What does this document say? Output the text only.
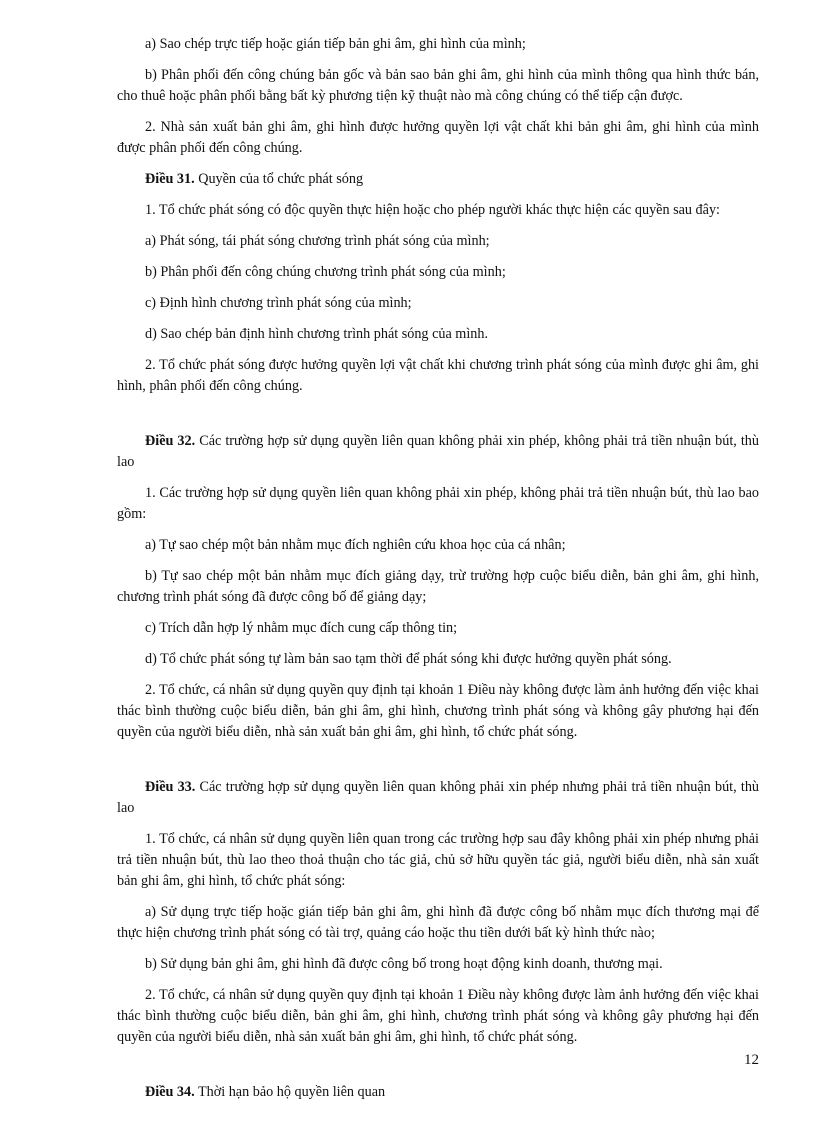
a) Sao chép trực tiếp hoặc gián tiếp bản ghi âm, ghi hình của mình;

b) Phân phối đến công chúng bản gốc và bản sao bản ghi âm, ghi hình của mình thông qua hình thức bán, cho thuê hoặc phân phối bằng bất kỳ phương tiện kỹ thuật nào mà công chúng có thể tiếp cận được.

2. Nhà sản xuất bản ghi âm, ghi hình được hưởng quyền lợi vật chất khi bản ghi âm, ghi hình của mình được phân phối đến công chúng.

Điều 31. Quyền của tổ chức phát sóng

1. Tổ chức phát sóng có độc quyền thực hiện hoặc cho phép người khác thực hiện các quyền sau đây:

a) Phát sóng, tái phát sóng chương trình phát sóng của mình;

b) Phân phối đến công chúng chương trình phát sóng của mình;

c) Định hình chương trình phát sóng của mình;

d) Sao chép bản định hình chương trình phát sóng của mình.

2. Tổ chức phát sóng được hưởng quyền lợi vật chất khi chương trình phát sóng của mình được ghi âm, ghi hình, phân phối đến công chúng.

Điều 32. Các trường hợp sử dụng quyền liên quan không phải xin phép, không phải trả tiền nhuận bút, thù lao

1. Các trường hợp sử dụng quyền liên quan không phải xin phép, không phải trả tiền nhuận bút, thù lao bao gồm:

a) Tự sao chép một bản nhằm mục đích nghiên cứu khoa học của cá nhân;

b) Tự sao chép một bản nhằm mục đích giảng dạy, trừ trường hợp cuộc biểu diễn, bản ghi âm, ghi hình, chương trình phát sóng đã được công bố để giảng dạy;

c) Trích dẫn hợp lý nhằm mục đích cung cấp thông tin;

d) Tổ chức phát sóng tự làm bản sao tạm thời để phát sóng khi được hưởng quyền phát sóng.

2. Tổ chức, cá nhân sử dụng quyền quy định tại khoản 1 Điều này không được làm ảnh hưởng đến việc khai thác bình thường cuộc biểu diễn, bản ghi âm, ghi hình, chương trình phát sóng và không gây phương hại đến quyền của người biểu diễn, nhà sản xuất bản ghi âm, ghi hình, tổ chức phát sóng.

Điều 33. Các trường hợp sử dụng quyền liên quan không phải xin phép nhưng phải trả tiền nhuận bút, thù lao

1. Tổ chức, cá nhân sử dụng quyền liên quan trong các trường hợp sau đây không phải xin phép nhưng phải trả tiền nhuận bút, thù lao theo thoả thuận cho tác giả, chủ sở hữu quyền tác giả, người biểu diễn, nhà sản xuất bản ghi âm, ghi hình, tổ chức phát sóng:

a) Sử dụng trực tiếp hoặc gián tiếp bản ghi âm, ghi hình đã được công bố nhằm mục đích thương mại để thực hiện chương trình phát sóng có tài trợ, quảng cáo hoặc thu tiền dưới bất kỳ hình thức nào;

b) Sử dụng bản ghi âm, ghi hình đã được công bố trong hoạt động kinh doanh, thương mại.

2. Tổ chức, cá nhân sử dụng quyền quy định tại khoản 1 Điều này không được làm ảnh hưởng đến việc khai thác bình thường cuộc biểu diễn, bản ghi âm, ghi hình, chương trình phát sóng và không gây phương hại đến quyền của người biểu diễn, nhà sản xuất bản ghi âm, ghi hình, tổ chức phát sóng.

Điều 34. Thời hạn bảo hộ quyền liên quan

12
